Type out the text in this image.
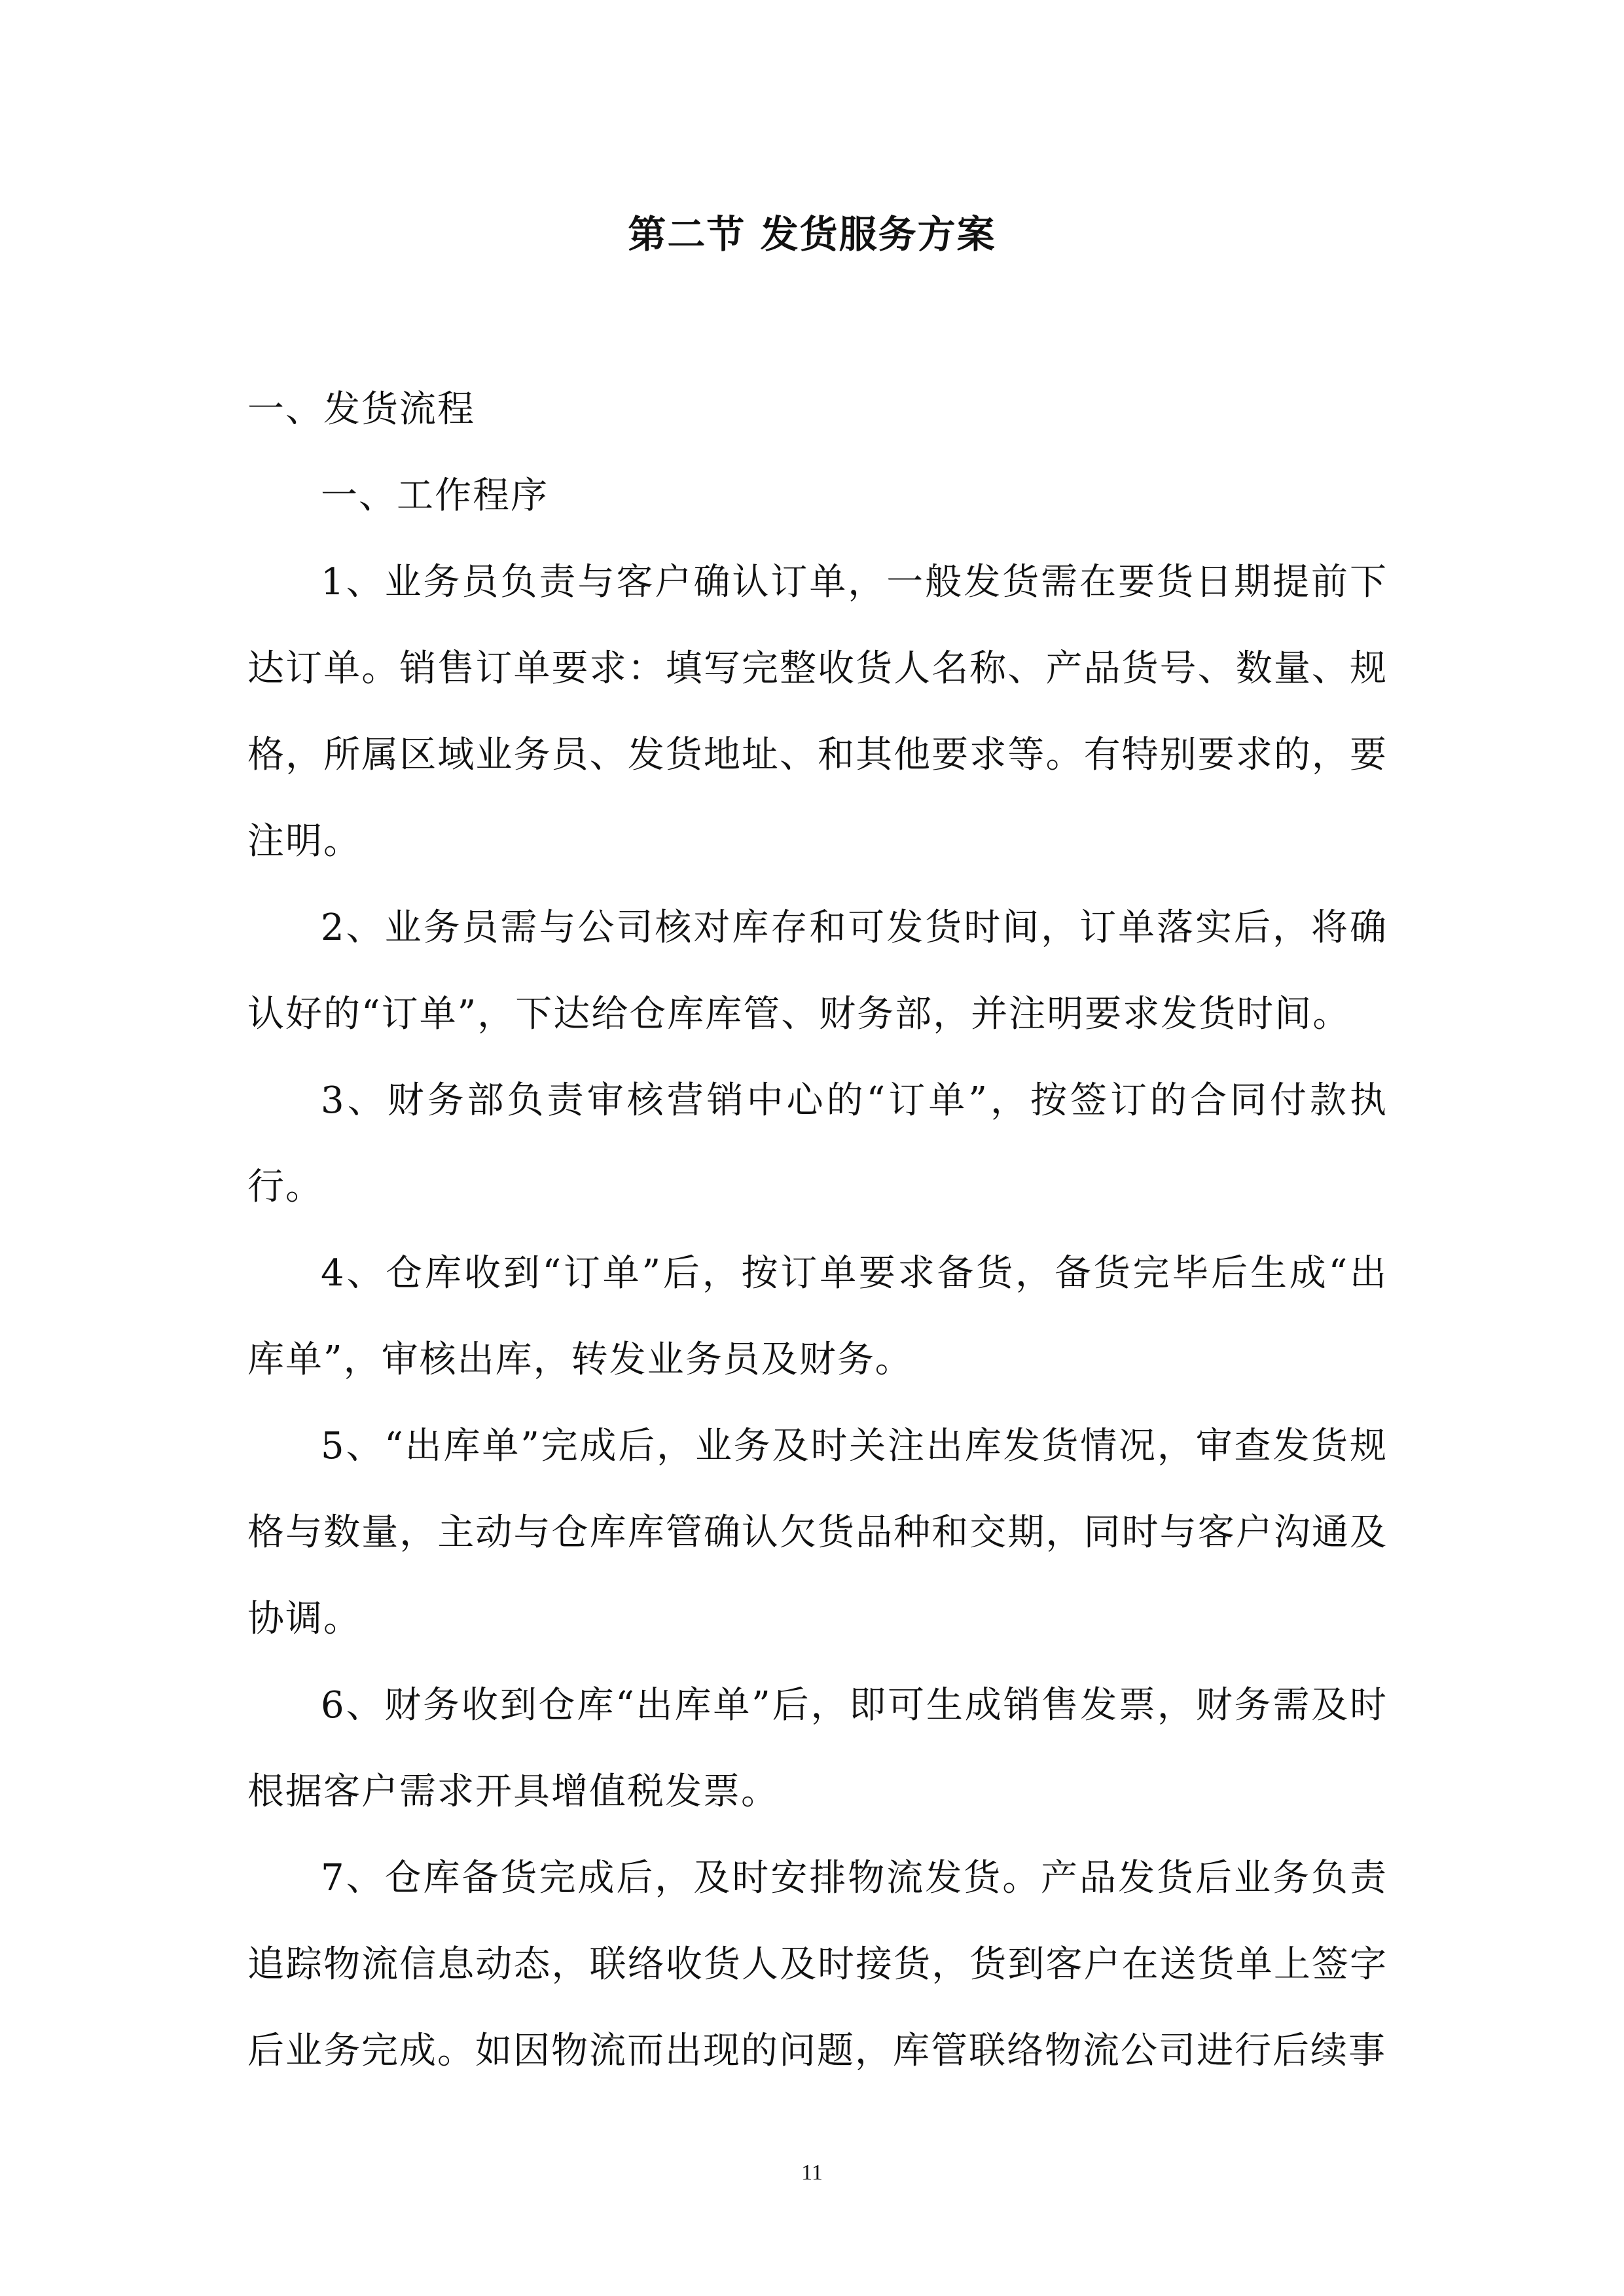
第二节 发货服务方案

一、发货流程

一、工作程序

1、业务员负责与客户确认订单，一般发货需在要货日期提前下达订单。销售订单要求：填写完整收货人名称、产品货号、数量、规格，所属区域业务员、发货地址、和其他要求等。有特别要求的，要注明。

2、业务员需与公司核对库存和可发货时间，订单落实后，将确认好的“订单”，下达给仓库库管、财务部，并注明要求发货时间。

3、财务部负责审核营销中心的“订单”，按签订的合同付款执行。

4、仓库收到“订单”后，按订单要求备货，备货完毕后生成“出库单”，审核出库，转发业务员及财务。

5、“出库单”完成后，业务及时关注出库发货情况，审查发货规格与数量，主动与仓库库管确认欠货品种和交期，同时与客户沟通及协调。

6、财务收到仓库“出库单”后，即可生成销售发票，财务需及时根据客户需求开具增值税发票。

7、仓库备货完成后，及时安排物流发货。产品发货后业务负责追踪物流信息动态，联络收货人及时接货，货到客户在送货单上签字后业务完成。如因物流而出现的问题，库管联络物流公司进行后续事

11
